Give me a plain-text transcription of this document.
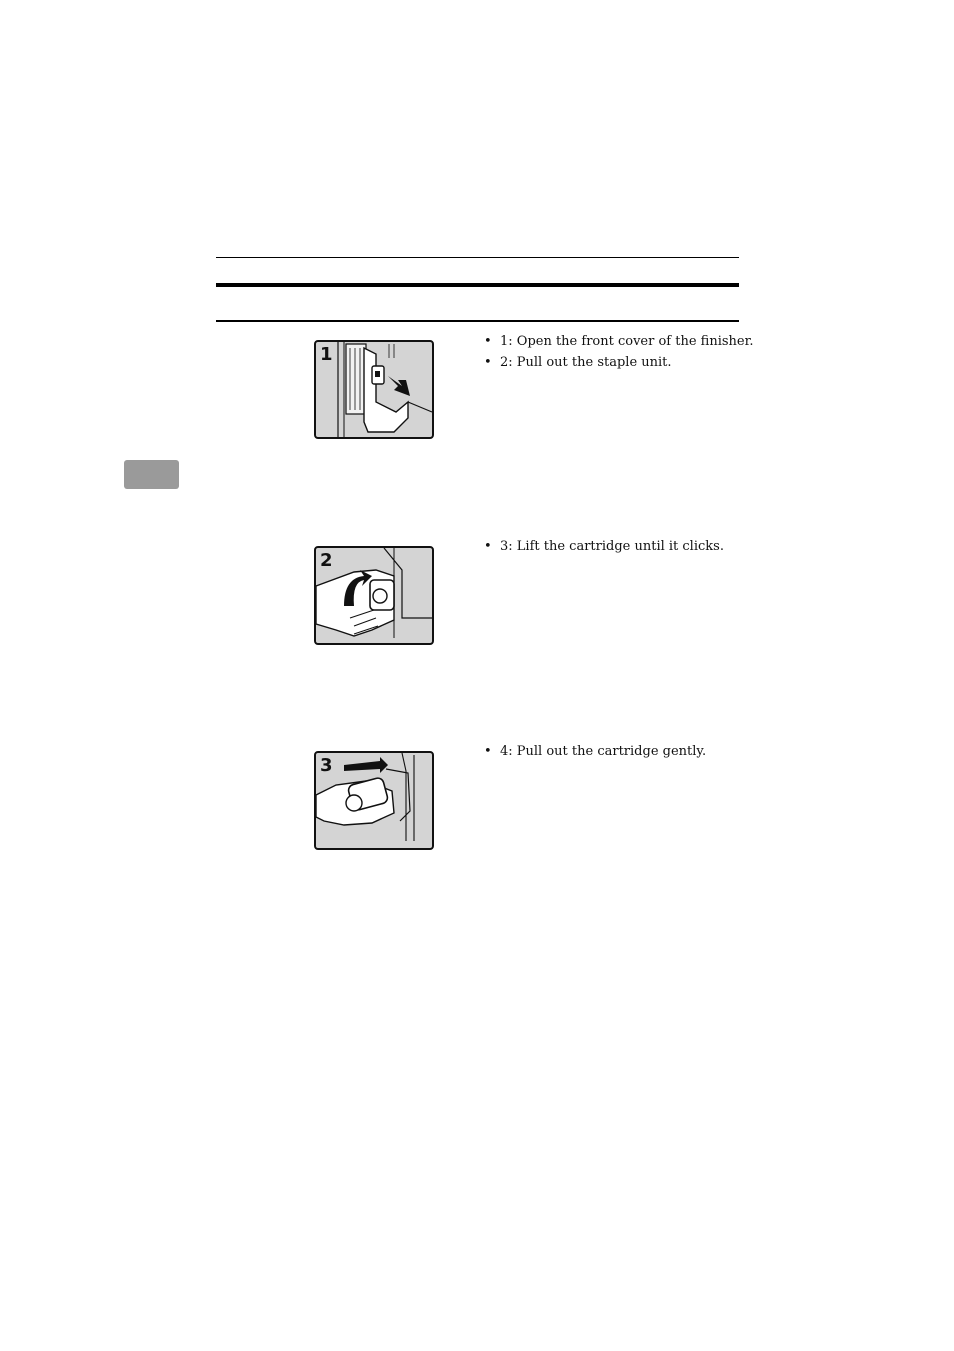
1
• 1: Open the front cover of the finisher.
• 2: Pull out the staple unit.
2
• 3: Lift the cartridge until it clicks.
3
• 4: Pull out the cartridge gently.
